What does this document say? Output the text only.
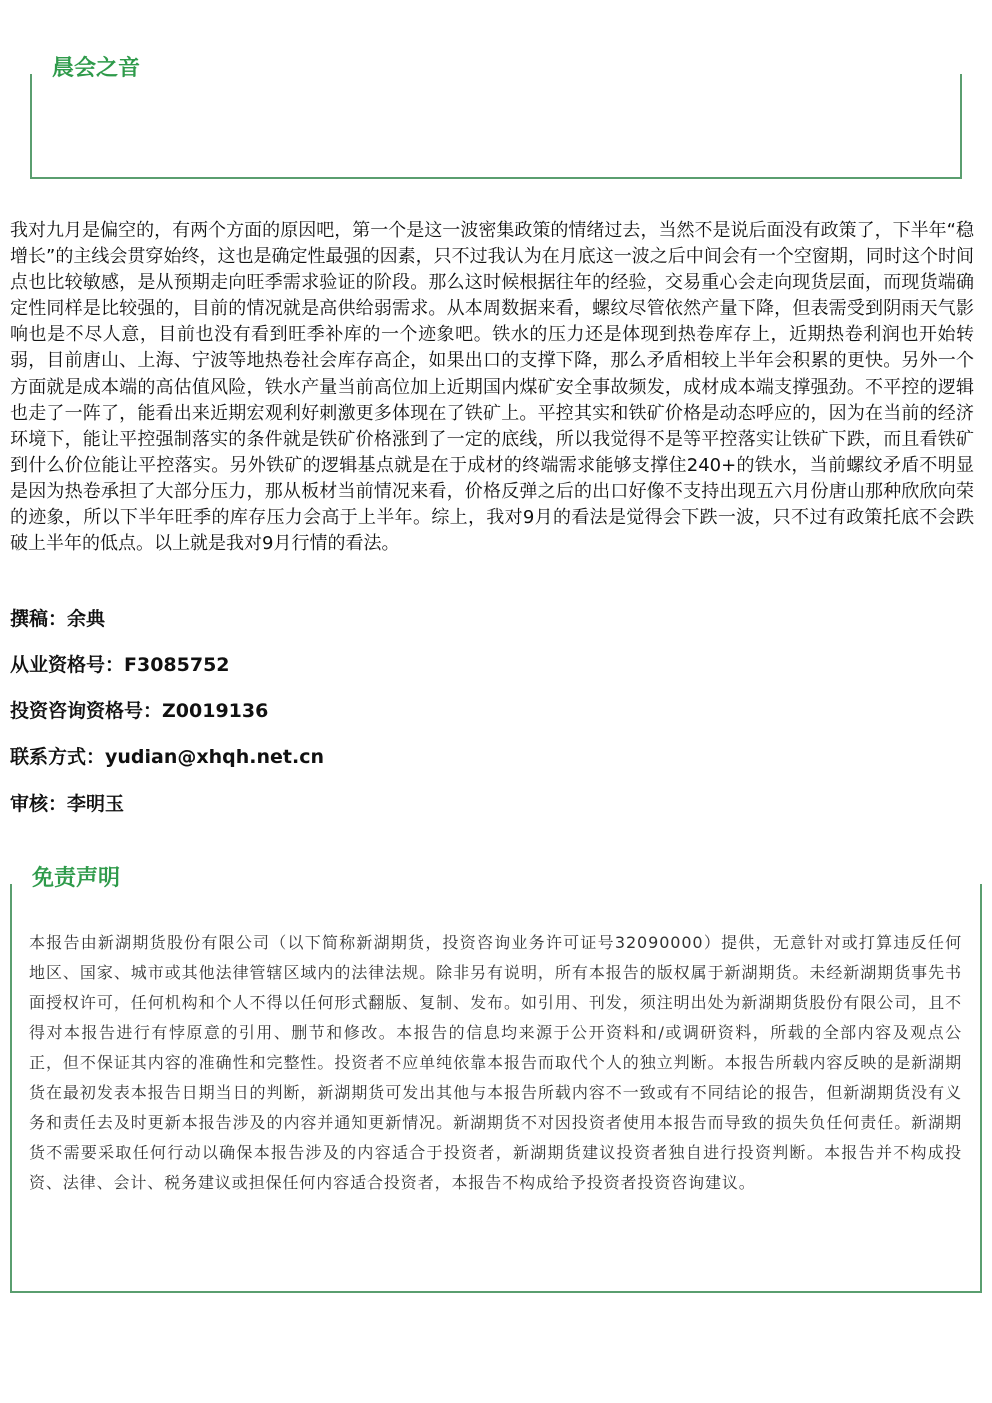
晨会之音

我对九月是偏空的，有两个方面的原因吧，第一个是这一波密集政策的情绪过去，当然不是说后面没有政策了，下半年“稳增长”的主线会贯穿始终，这也是确定性最强的因素，只不过我认为在月底这一波之后中间会有一个空窗期，同时这个时间点也比较敏感，是从预期走向旺季需求验证的阶段。那么这时候根据往年的经验，交易重心会走向现货层面，而现货端确定性同样是比较强的，目前的情况就是高供给弱需求。从本周数据来看，螺纹尽管依然产量下降，但表需受到阴雨天气影响也是不尽人意，目前也没有看到旺季补库的一个迹象吧。铁水的压力还是体现到热卷库存上，近期热卷利润也开始转弱，目前唐山、上海、宁波等地热卷社会库存高企，如果出口的支撑下降，那么矛盾相较上半年会积累的更快。另外一个方面就是成本端的高估值风险，铁水产量当前高位加上近期国内煤矿安全事故频发，成材成本端支撑强劲。不平控的逻辑也走了一阵了，能看出来近期宏观利好刺激更多体现在了铁矿上。平控其实和铁矿价格是动态呼应的，因为在当前的经济环境下，能让平控强制落实的条件就是铁矿价格涨到了一定的底线，所以我觉得不是等平控落实让铁矿下跌，而且看铁矿到什么价位能让平控落实。另外铁矿的逻辑基点就是在于成材的终端需求能够支撑住240+的铁水，当前螺纹矛盾不明显是因为热卷承担了大部分压力，那从板材当前情况来看，价格反弹之后的出口好像不支持出现五六月份唐山那种欣欣向荣的迹象，所以下半年旺季的库存压力会高于上半年。综上，我对9月的看法是觉得会下跌一波，只不过有政策托底不会跌破上半年的低点。以上就是我对9月行情的看法。

撰稿：余典
从业资格号：F3085752
投资咨询资格号：Z0019136
联系方式：yudian@xhqh.net.cn
审核：李明玉
免责声明

本报告由新湖期货股份有限公司（以下简称新湖期货，投资咨询业务许可证号32090000）提供，无意针对或打算违反任何地区、国家、城市或其他法律管辖区域内的法律法规。除非另有说明，所有本报告的版权属于新湖期货。未经新湖期货事先书面授权许可，任何机构和个人不得以任何形式翻版、复制、发布。如引用、刊发，须注明出处为新湖期货股份有限公司，且不得对本报告进行有悖原意的引用、删节和修改。本报告的信息均来源于公开资料和/或调研资料，所载的全部内容及观点公正，但不保证其内容的准确性和完整性。投资者不应单纯依靠本报告而取代个人的独立判断。本报告所载内容反映的是新湖期货在最初发表本报告日期当日的判断，新湖期货可发出其他与本报告所载内容不一致或有不同结论的报告，但新湖期货没有义务和责任去及时更新本报告涉及的内容并通知更新情况。新湖期货不对因投资者使用本报告而导致的损失负任何责任。新湖期货不需要采取任何行动以确保本报告涉及的内容适合于投资者，新湖期货建议投资者独自进行投资判断。本报告并不构成投资、法律、会计、税务建议或担保任何内容适合投资者，本报告不构成给予投资者投资咨询建议。
